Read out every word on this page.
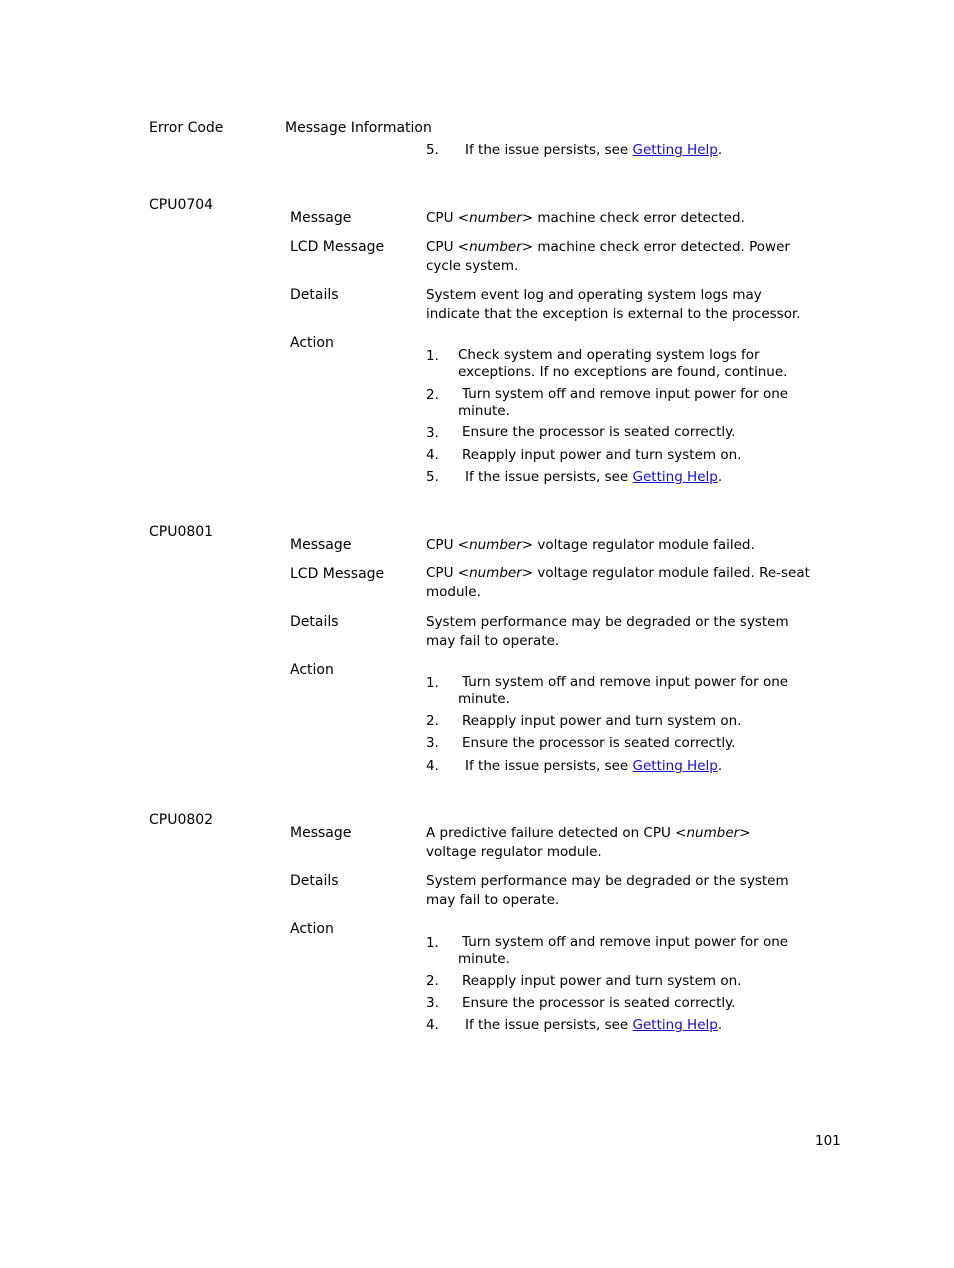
Error Code	Message Information
5. If the issue persists, see Getting Help.
CPU0704
Message	CPU <number> machine check error detected.
LCD Message	CPU <number> machine check error detected. Power cycle system.
Details	System event log and operating system logs may indicate that the exception is external to the processor.
Action
1. Check system and operating system logs for exceptions. If no exceptions are found, continue.
2. Turn system off and remove input power for one minute.
3. Ensure the processor is seated correctly.
4. Reapply input power and turn system on.
5. If the issue persists, see Getting Help.
CPU0801
Message	CPU <number> voltage regulator module failed.
LCD Message	CPU <number> voltage regulator module failed. Re-seat module.
Details	System performance may be degraded or the system may fail to operate.
Action
1. Turn system off and remove input power for one minute.
2. Reapply input power and turn system on.
3. Ensure the processor is seated correctly.
4. If the issue persists, see Getting Help.
CPU0802
Message	A predictive failure detected on CPU <number> voltage regulator module.
Details	System performance may be degraded or the system may fail to operate.
Action
1. Turn system off and remove input power for one minute.
2. Reapply input power and turn system on.
3. Ensure the processor is seated correctly.
4. If the issue persists, see Getting Help.
101
